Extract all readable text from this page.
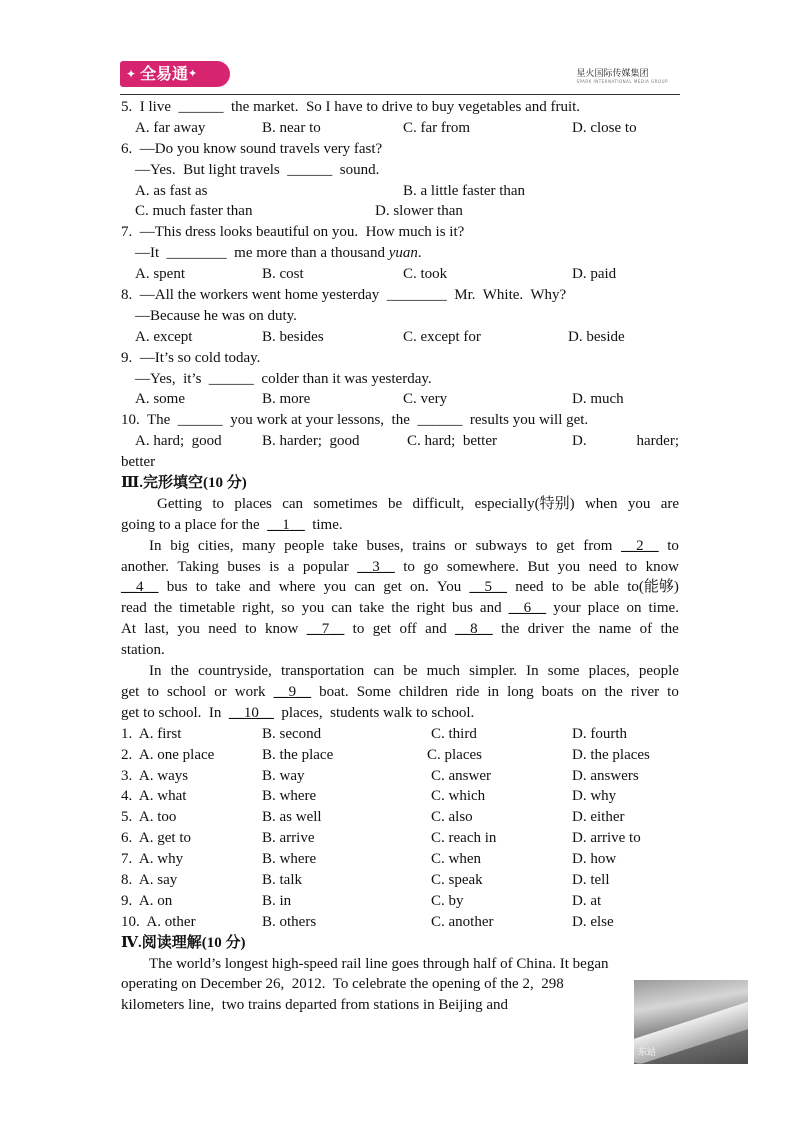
✦ 全易通✦	星火国际传媒集团
SPARK INTERNATIONAL MEDIA GROUP
5.  I live  ______  the market.  So I have to drive to buy vegetables and fruit.

A. far away

	B. near to

	C. far from

	D. close to

6.  —Do you know sound travels very fast?
—Yes.  But light travels  ______  sound.

A. as fast as

	B. a little faster than

C. much faster than

	D. slower than

7.  —This dress looks beautiful on you.  How much is it?
—It  ________  me more than a thousand yuan.

A. spent

	B. cost

	C. took

	D. paid

8.  —All the workers went home yesterday  ________  Mr.  White.  Why?
—Because he was on duty.

A. except

	B. besides

	C. except for

	D. beside

9.  —It’s so cold today.
—Yes,  it’s  ______  colder than it was yesterday.

A. some

	B. more

	C. very

	D. much

10.  The  ______  you work at your lessons,  the  ______  results you will get.

A. hard;  good

	B. harder;  good

	C. hard;  better

	D.

	harder;

better
Ⅲ.完形填空(10 分)
Getting to places can sometimes be difficult, especially(特别) when you are
going to a place for the  __1__  time.
In big cities, many people take buses, trains or subways to get from __2__ to
another. Taking buses is a popular __3__ to go somewhere. But you need to know
__4__ bus to take and where you can get on. You __5__ need to be able to(能够)
read the timetable right, so you can take the right bus and __6__ your place on time.
At last, you need to know __7__ to get off and __8__ the driver the name of the
station.
In the countryside, transportation can be much simpler. In some places, people
get to school or work __9__ boat. Some children ride in long boats on the river to
get to school.  In  __10__  places,  students walk to school.
1.  A. first	B. second	C. third	D. fourth
2.  A. one place	B. the place	C. places	D. the places
3.  A. ways	B. way	C. answer	D. answers
4.  A. what	B. where	C. which	D. why
5.  A. too	B. as well	C. also	D. either
6.  A. get to	B. arrive	C. reach in	D. arrive to
7.  A. why	B. where	C. when	D. how
8.  A. say	B. talk	C. speak	D. tell
9.  A. on	B. in	C. by	D. at
10.  A. other	B. others	C. another	D. else
Ⅳ.阅读理解(10 分)
The world’s longest high-speed rail line goes through half of China. It began
operating on December 26,  2012.  To celebrate the opening of the 2,  298
kilometers line,  two trains departed from stations in Beijing and
东站
